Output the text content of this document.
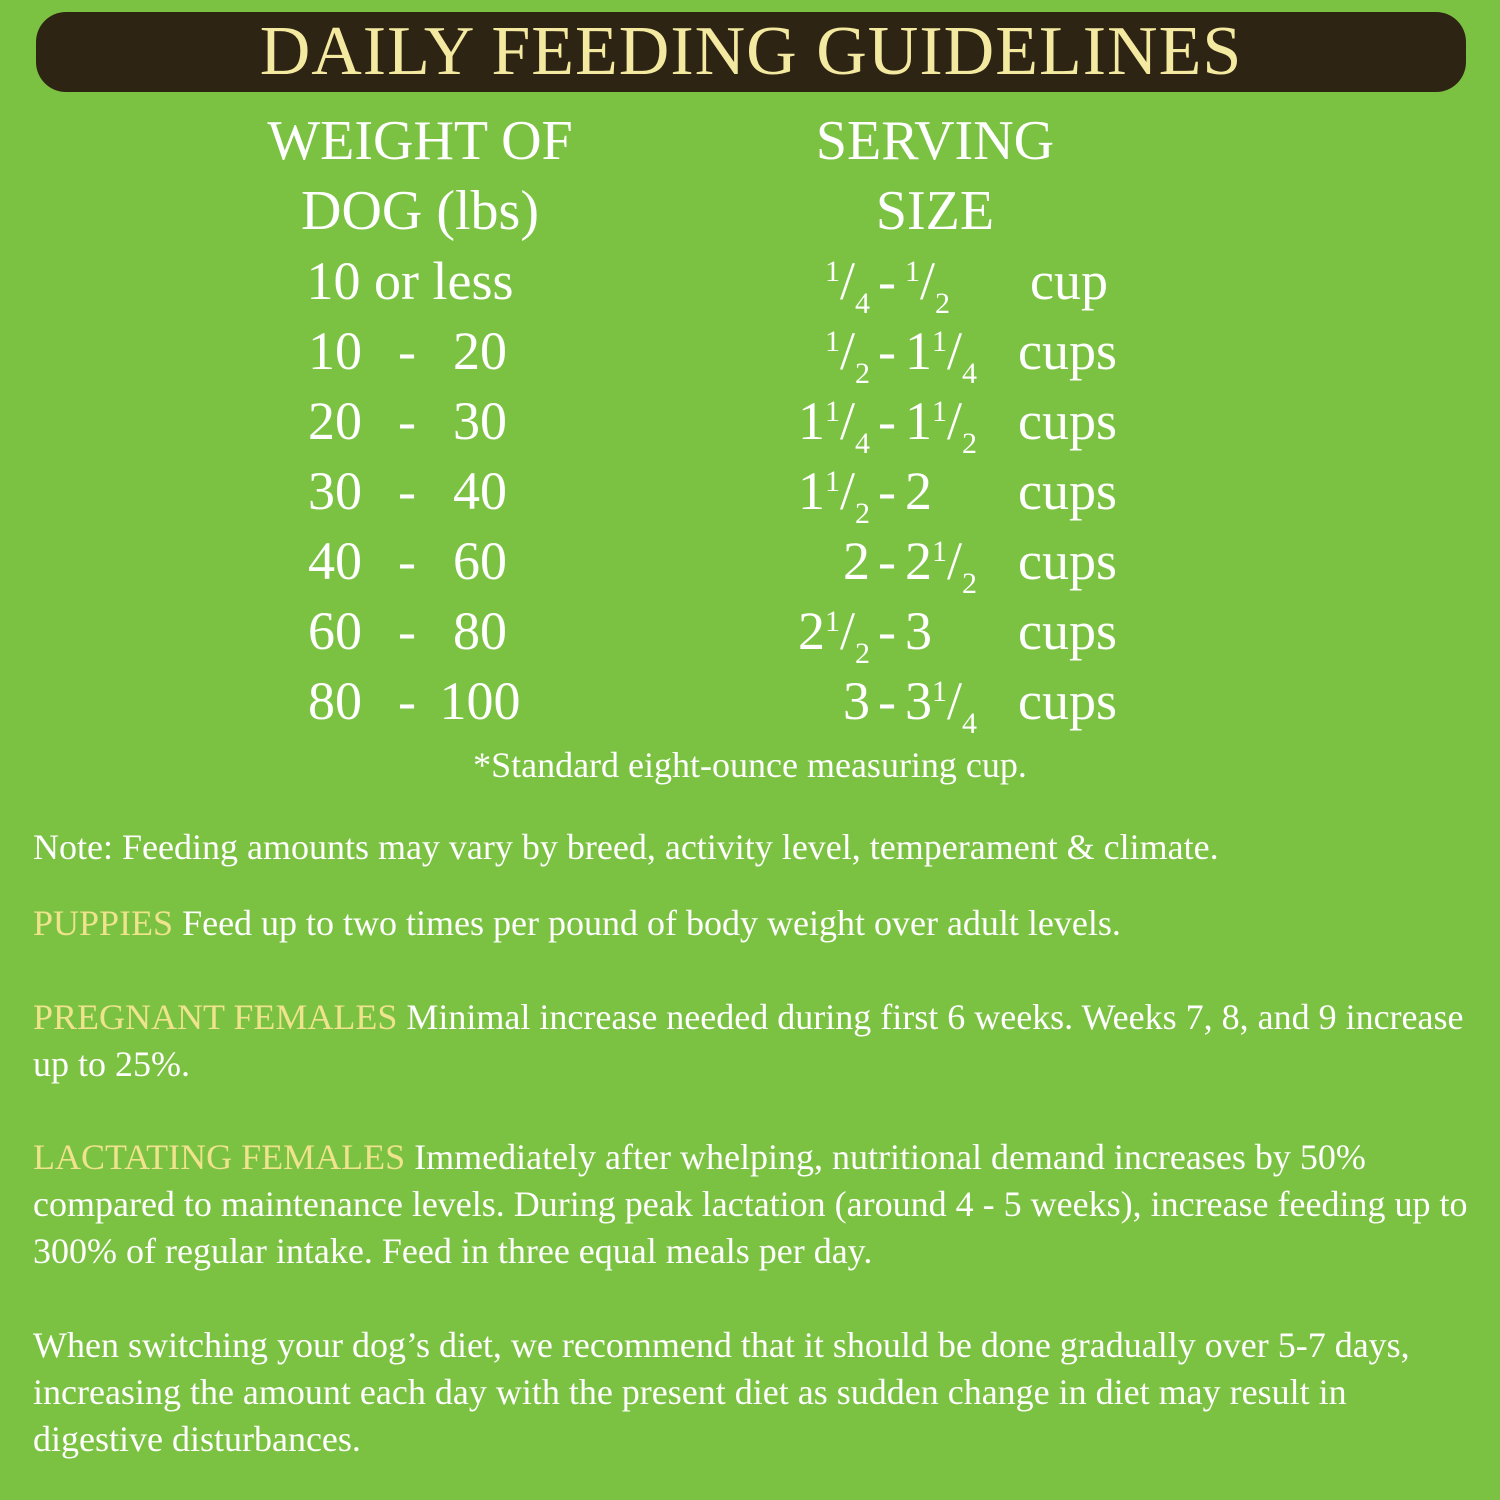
DAILY FEEDING GUIDELINES
WEIGHT OF
DOG (lbs)
SERVING
SIZE
10 or less	$^1/_4 - ^1/_2$	cup
10 - 20	$^1/_2 - 1^1/_4$ cups
20 - 30	$1^1/_4 - 1^1/_2$ cups
30 - 40	$1^1/_2 - 2$	cups
40 - 60	$2 - 2^1/_2$ cups
60 - 80	$2^1/_2 - 3$	cups
80 - 100	$3 - 3^1/_4$ cups
*Standard eight-ounce measuring cup.
Note: Feeding amounts may vary by breed, activity level, temperament & climate.
PUPPIES Feed up to two times per pound of body weight over adult levels.
PREGNANT FEMALES Minimal increase needed during first 6 weeks. Weeks 7, 8, and 9 increase up to 25%.
LACTATING FEMALES Immediately after whelping, nutritional demand increases by 50% compared to maintenance levels. During peak lactation (around 4 - 5 weeks), increase feeding up to 300% of regular intake. Feed in three equal meals per day.
When switching your dog’s diet, we recommend that it should be done gradually over 5-7 days, increasing the amount each day with the present diet as sudden change in diet may result in digestive disturbances.
